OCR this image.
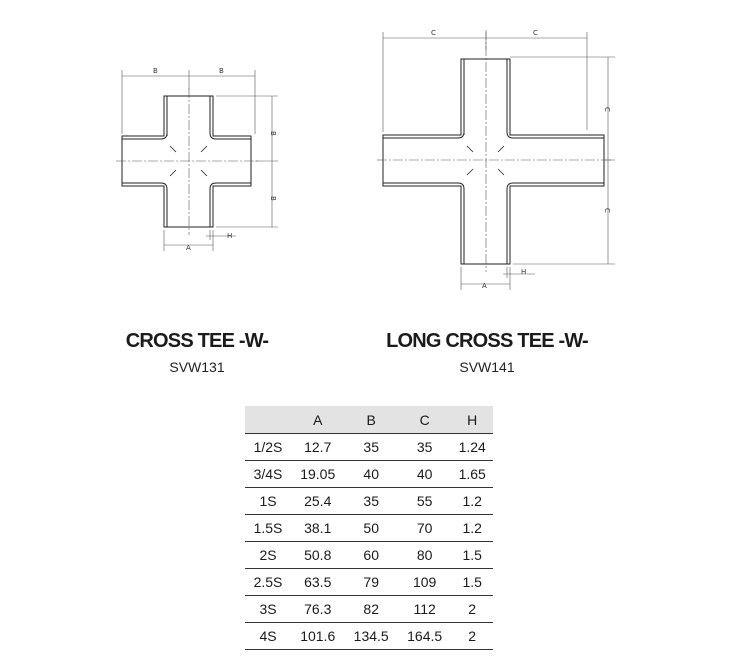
B	B
B
B
A
H
C	C
C
C
A
H
CROSS TEE -W-
SVW131
LONG CROSS TEE -W-
SVW141
	A	B	C	H
1/2S	12.7	35	35	1.24
3/4S	19.05	40	40	1.65
1S	25.4	35	55	1.2
1.5S	38.1	50	70	1.2
2S	50.8	60	80	1.5
2.5S	63.5	79	109	1.5
3S	76.3	82	112	2
4S	101.6	134.5	164.5	2
